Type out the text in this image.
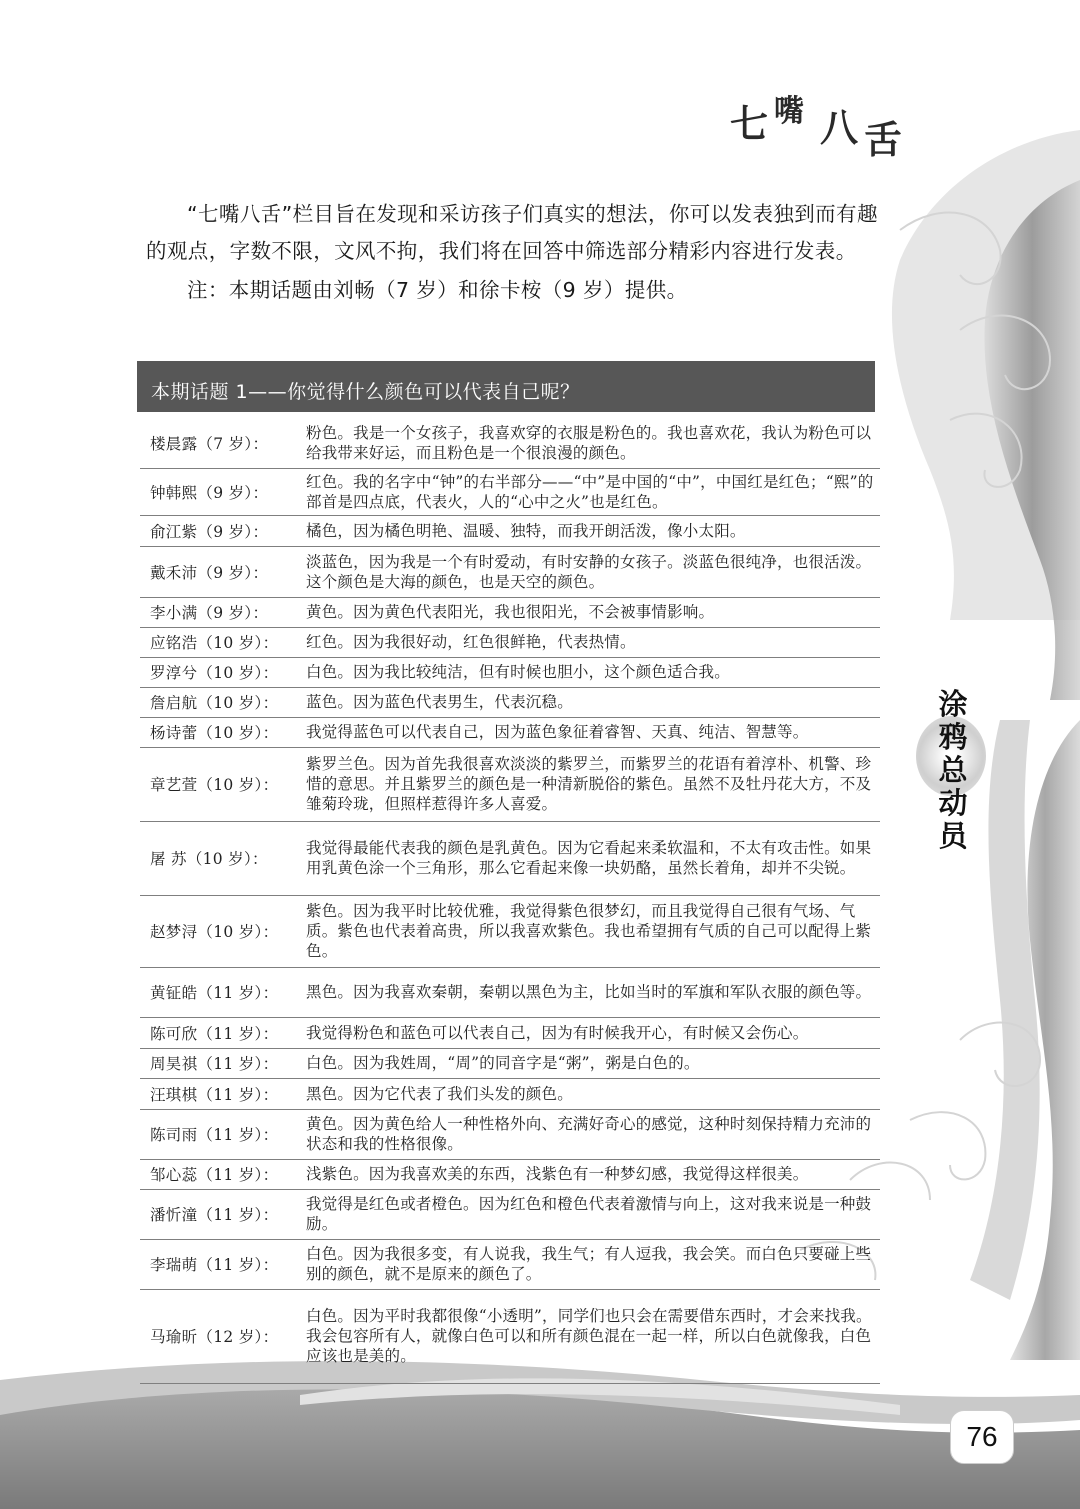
七 嘴 八 舌

“七嘴八舌”栏目旨在发现和采访孩子们真实的想法，你可以发表独到而有趣的观点，字数不限，文风不拘，我们将在回答中筛选部分精彩内容进行发表。

注：本期话题由刘畅（7 岁）和徐卡桉（9 岁）提供。

本期话题 1——你觉得什么颜色可以代表自己呢？
楼晨露（7 岁）：	粉色。我是一个女孩子，我喜欢穿的衣服是粉色的。我也喜欢花，我认为粉色可以给我带来好运，而且粉色是一个很浪漫的颜色。
钟韩熙（9 岁）：	红色。我的名字中“钟”的右半部分——“中”是中国的“中”，中国红是红色；“熙”的部首是四点底，代表火，人的“心中之火”也是红色。
俞江紫（9 岁）：	橘色，因为橘色明艳、温暖、独特，而我开朗活泼，像小太阳。
戴禾沛（9 岁）：	淡蓝色，因为我是一个有时爱动，有时安静的女孩子。淡蓝色很纯净，也很活泼。这个颜色是大海的颜色，也是天空的颜色。
李小满（9 岁）：	黄色。因为黄色代表阳光，我也很阳光，不会被事情影响。
应铭浩（10 岁）：	红色。因为我很好动，红色很鲜艳，代表热情。
罗淳兮（10 岁）：	白色。因为我比较纯洁，但有时候也胆小，这个颜色适合我。
詹启航（10 岁）：	蓝色。因为蓝色代表男生，代表沉稳。
杨诗蕾（10 岁）：	我觉得蓝色可以代表自己，因为蓝色象征着睿智、天真、纯洁、智慧等。
章艺萱（10 岁）：	紫罗兰色。因为首先我很喜欢淡淡的紫罗兰，而紫罗兰的花语有着淳朴、机警、珍惜的意思。并且紫罗兰的颜色是一种清新脱俗的紫色。虽然不及牡丹花大方，不及雏菊玲珑，但照样惹得许多人喜爱。
屠 苏（10 岁）：	我觉得最能代表我的颜色是乳黄色。因为它看起来柔软温和，不太有攻击性。如果用乳黄色涂一个三角形，那么它看起来像一块奶酪，虽然长着角，却并不尖锐。
赵梦浔（10 岁）：	紫色。因为我平时比较优雅，我觉得紫色很梦幻，而且我觉得自己很有气场、气质。紫色也代表着高贵，所以我喜欢紫色。我也希望拥有气质的自己可以配得上紫色。
黄钲皓（11 岁）：	黑色。因为我喜欢秦朝，秦朝以黑色为主，比如当时的军旗和军队衣服的颜色等。
陈可欣（11 岁）：	我觉得粉色和蓝色可以代表自己，因为有时候我开心，有时候又会伤心。
周昊祺（11 岁）：	白色。因为我姓周，“周”的同音字是“粥”，粥是白色的。
汪琪棋（11 岁）：	黑色。因为它代表了我们头发的颜色。
陈司雨（11 岁）：	黄色。因为黄色给人一种性格外向、充满好奇心的感觉，这种时刻保持精力充沛的状态和我的性格很像。
邹心蕊（11 岁）：	浅紫色。因为我喜欢美的东西，浅紫色有一种梦幻感，我觉得这样很美。
潘忻潼（11 岁）：	我觉得是红色或者橙色。因为红色和橙色代表着激情与向上，这对我来说是一种鼓励。
李瑞萌（11 岁）：	白色。因为我很多变，有人说我，我生气；有人逗我，我会笑。而白色只要碰上些别的颜色，就不是原来的颜色了。
马瑜昕（12 岁）：	白色。因为平时我都很像“小透明”，同学们也只会在需要借东西时，才会来找我。我会包容所有人，就像白色可以和所有颜色混在一起一样，所以白色就像我，白色应该也是美的。
涂
鸦
总
动
员
76
